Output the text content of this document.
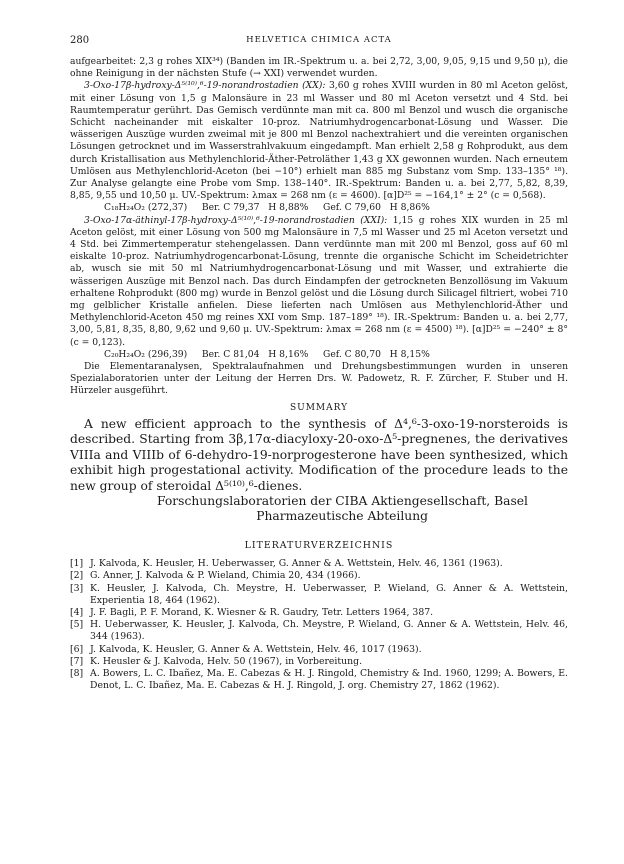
280	HELVETICA CHIMICA ACTA

aufgearbeitet: 2,3 g rohes XIX³⁴) (Banden im IR.-Spektrum u. a. bei 2,72, 3,00, 9,05, 9,15 und 9,50 μ), die ohne Reinigung in der nächsten Stufe (→ XXI) verwendet wurden.

3-Oxo-17β-hydroxy-Δ⁵⁽¹⁰⁾,⁶-19-norandrostadien (XX): 3,60 g rohes XVIII wurden in 80 ml Aceton gelöst, mit einer Lösung von 1,5 g Malonsäure in 23 ml Wasser und 80 ml Aceton versetzt und 4 Std. bei Raumtemperatur gerührt. Das Gemisch verdünnte man mit ca. 800 ml Benzol und wusch die organische Schicht nacheinander mit eiskalter 10-proz. Natriumhydrogencarbonat-Lösung und Wasser. Die wässerigen Auszüge wurden zweimal mit je 800 ml Benzol nachextrahiert und die vereinten organischen Lösungen getrocknet und im Wasserstrahlvakuum eingedampft. Man erhielt 2,58 g Rohprodukt, aus dem durch Kristallisation aus Methylenchlorid-Äther-Petroläther 1,43 g XX gewonnen wurden. Nach erneutem Umlösen aus Methylenchlorid-Aceton (bei −10°) erhielt man 885 mg Substanz vom Smp. 133–135° ¹⁸). Zur Analyse gelangte eine Probe vom Smp. 138–140°. IR.-Spektrum: Banden u. a. bei 2,77, 5,82, 8,39, 8,85, 9,55 und 10,50 μ. UV.-Spektrum: λmax = 268 nm (ε = 4600). [α]D²⁵ = −164,1° ± 2° (c = 0,568).

C₁₈H₂₄O₂ (272,37)     Ber. C 79,37   H 8,88%     Gef. C 79,60   H 8,86%

3-Oxo-17α-äthinyl-17β-hydroxy-Δ⁵⁽¹⁰⁾,⁶-19-norandrostadien (XXI): 1,15 g rohes XIX wurden in 25 ml Aceton gelöst, mit einer Lösung von 500 mg Malonsäure in 7,5 ml Wasser und 25 ml Aceton versetzt und 4 Std. bei Zimmertemperatur stehengelassen. Dann verdünnte man mit 200 ml Benzol, goss auf 60 ml eiskalte 10-proz. Natriumhydrogencarbonat-Lösung, trennte die organische Schicht im Scheidetrichter ab, wusch sie mit 50 ml Natriumhydrogencarbonat-Lösung und mit Wasser, und extrahierte die wässerigen Auszüge mit Benzol nach. Das durch Eindampfen der getrockneten Benzollösung im Vakuum erhaltene Rohprodukt (800 mg) wurde in Benzol gelöst und die Lösung durch Silicagel filtriert, wobei 710 mg gelblicher Kristalle anfielen. Diese lieferten nach Umlösen aus Methylenchlorid-Äther und Methylenchlorid-Aceton 450 mg reines XXI vom Smp. 187–189° ¹⁸). IR.-Spektrum: Banden u. a. bei 2,77, 3,00, 5,81, 8,35, 8,80, 9,62 und 9,60 μ. UV.-Spektrum: λmax = 268 nm (ε = 4500) ¹⁸). [α]D²⁵ = −240° ± 8° (c = 0,123).

C₂₀H₂₄O₂ (296,39)     Ber. C 81,04   H 8,16%     Gef. C 80,70   H 8,15%

Die Elementaranalysen, Spektralaufnahmen und Drehungsbestimmungen wurden in unseren Spezialaboratorien unter der Leitung der Herren Drs. W. Padowetz, R. F. Zürcher, F. Stuber und H. Hürzeler ausgeführt.

SUMMARY

A new efficient approach to the synthesis of Δ⁴,⁶-3-oxo-19-norsteroids is described. Starting from 3β,17α-diacyloxy-20-oxo-Δ⁵-pregnenes, the derivatives VIIIa and VIIIb of 6-dehydro-19-norprogesterone have been synthesized, which exhibit high progestational activity. Modification of the procedure leads to the new group of steroidal Δ⁵⁽¹⁰⁾,⁶-dienes.

Forschungslaboratorien der CIBA Aktiengesellschaft, Basel
Pharmazeutische Abteilung
LITERATURVERZEICHNIS
[1] J. Kalvoda, K. Heusler, H. Ueberwasser, G. Anner & A. Wettstein, Helv. 46, 1361 (1963).
[2] G. Anner, J. Kalvoda & P. Wieland, Chimia 20, 434 (1966).
[3] K. Heusler, J. Kalvoda, Ch. Meystre, H. Ueberwasser, P. Wieland, G. Anner & A. Wettstein, Experientia 18, 464 (1962).
[4] J. F. Bagli, P. F. Morand, K. Wiesner & R. Gaudry, Tetr. Letters 1964, 387.
[5] H. Ueberwasser, K. Heusler, J. Kalvoda, Ch. Meystre, P. Wieland, G. Anner & A. Wettstein, Helv. 46, 344 (1963).
[6] J. Kalvoda, K. Heusler, G. Anner & A. Wettstein, Helv. 46, 1017 (1963).
[7] K. Heusler & J. Kalvoda, Helv. 50 (1967), in Vorbereitung.
[8] A. Bowers, L. C. Ibañez, Ma. E. Cabezas & H. J. Ringold, Chemistry & Ind. 1960, 1299; A. Bowers, E. Denot, L. C. Ibañez, Ma. E. Cabezas & H. J. Ringold, J. org. Chemistry 27, 1862 (1962).
